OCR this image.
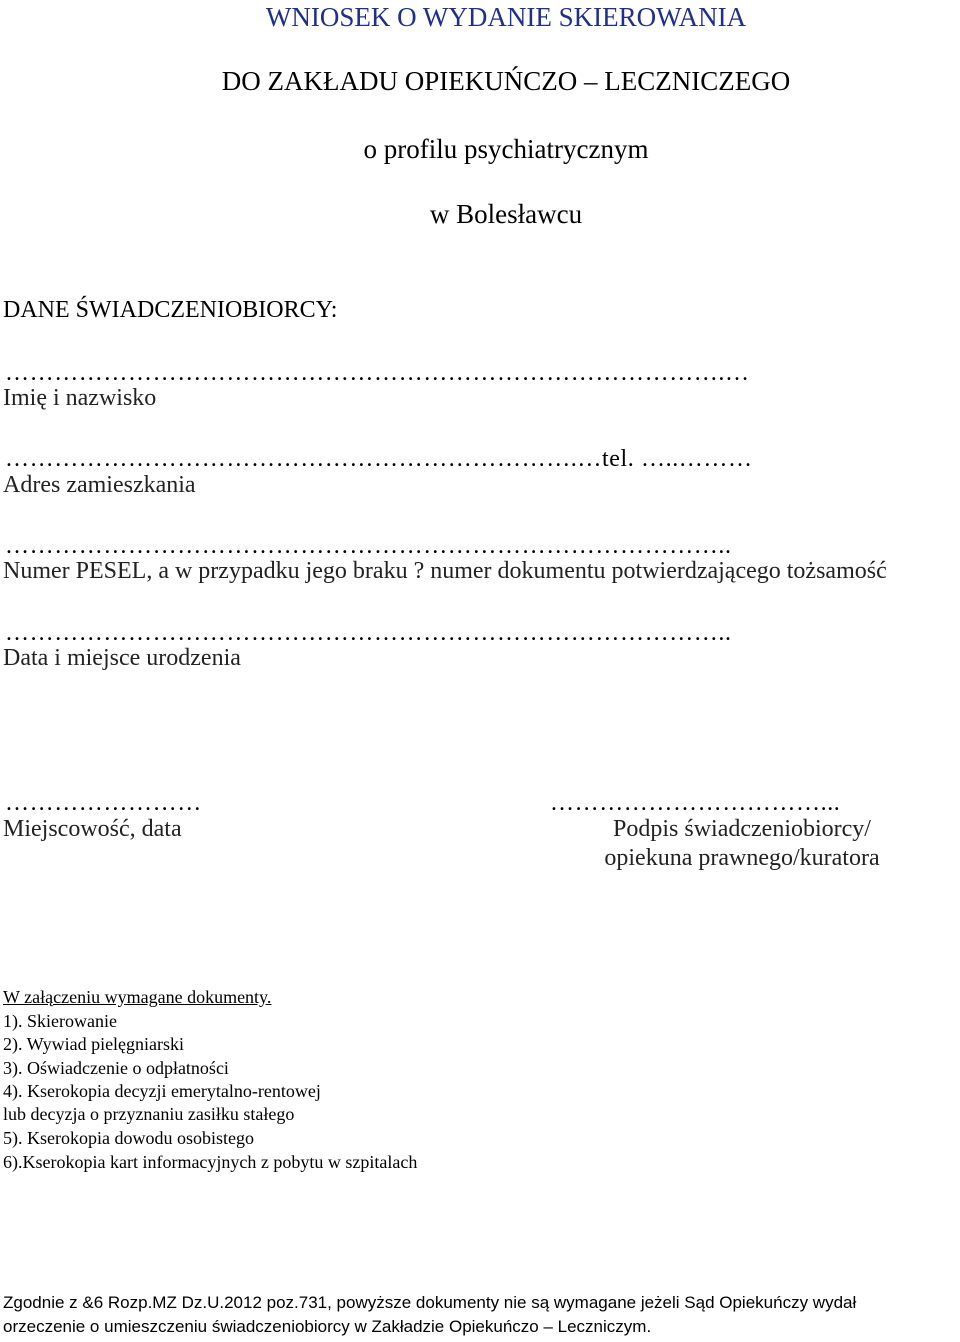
WNIOSEK O WYDANIE SKIEROWANIA
DO ZAKŁADU OPIEKUŃCZO – LECZNICZEGO
o profilu psychiatrycznym
w Bolesławcu
DANE ŚWIADCZENIOBIORCY:
…………………………………………………………………………….…
Imię i nazwisko
…………………………………………………………….…tel. …..………
Adres zamieszkania
……………………………………………………………………………..
Numer PESEL, a w przypadku jego braku ? numer dokumentu potwierdzającego tożsamość
……………………………………………………………………………..
Data i miejsce urodzenia
……………………
Miejscowość, data
……………………………...
Podpis świadczeniobiorcy/
opiekuna prawnego/kuratora
W załączeniu wymagane dokumenty.
1). Skierowanie
2). Wywiad pielęgniarski
3). Oświadczenie o odpłatności
4). Kserokopia decyzji emerytalno-rentowej
lub decyzja o przyznaniu zasiłku stałego
5). Kserokopia dowodu osobistego
6).Kserokopia kart informacyjnych z pobytu w szpitalach
Zgodnie z &6 Rozp.MZ Dz.U.2012 poz.731, powyższe dokumenty nie są wymagane jeżeli Sąd Opiekuńczy wydał
orzeczenie o umieszczeniu świadczeniobiorcy w Zakładzie Opiekuńczo – Leczniczym.
